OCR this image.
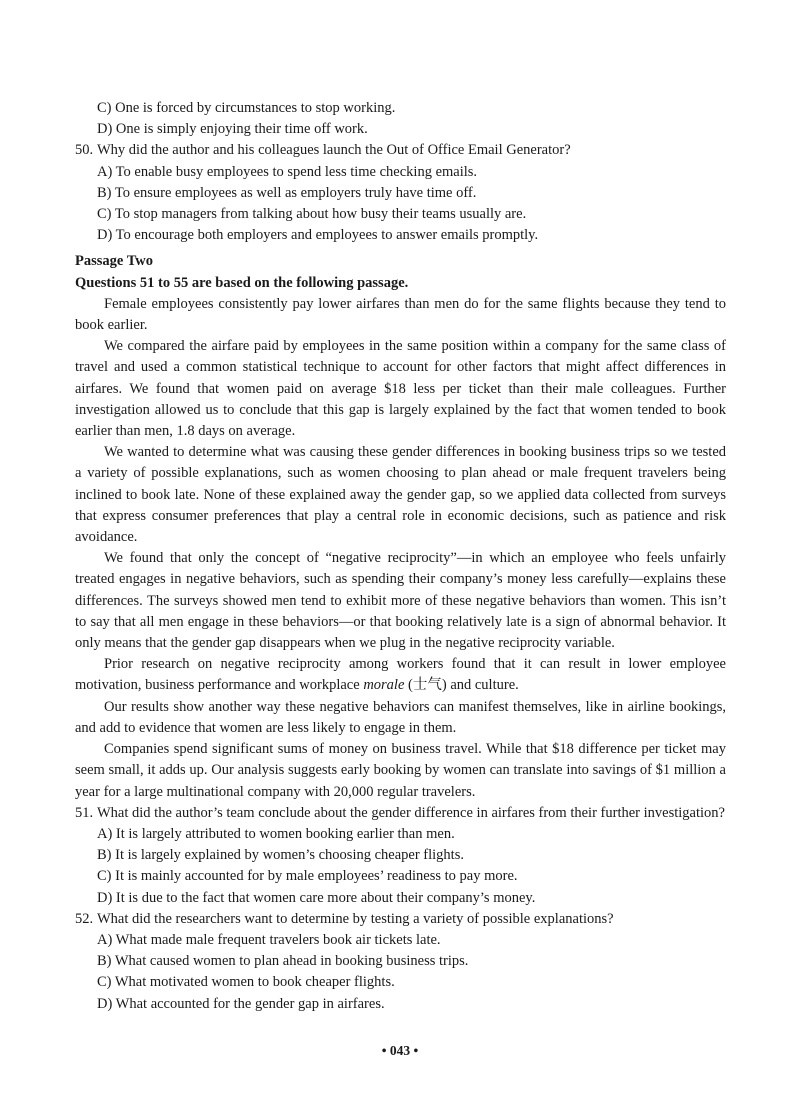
C) One is forced by circumstances to stop working.

D) One is simply enjoying their time off work.

50. Why did the author and his colleagues launch the Out of Office Email Generator?

A) To enable busy employees to spend less time checking emails.

B) To ensure employees as well as employers truly have time off.

C) To stop managers from talking about how busy their teams usually are.

D) To encourage both employers and employees to answer emails promptly.

Passage Two

Questions 51 to 55 are based on the following passage.

Female employees consistently pay lower airfares than men do for the same flights because they tend to book earlier.

We compared the airfare paid by employees in the same position within a company for the same class of travel and used a common statistical technique to account for other factors that might affect differences in airfares. We found that women paid on average $18 less per ticket than their male colleagues. Further investigation allowed us to conclude that this gap is largely explained by the fact that women tended to book earlier than men, 1.8 days on average.

We wanted to determine what was causing these gender differences in booking business trips so we tested a variety of possible explanations, such as women choosing to plan ahead or male frequent travelers being inclined to book late. None of these explained away the gender gap, so we applied data collected from surveys that express consumer preferences that play a central role in economic decisions, such as patience and risk avoidance.

We found that only the concept of “negative reciprocity”—in which an employee who feels unfairly treated engages in negative behaviors, such as spending their company’s money less carefully—explains these differences. The surveys showed men tend to exhibit more of these negative behaviors than women. This isn’t to say that all men engage in these behaviors—or that booking relatively late is a sign of abnormal behavior. It only means that the gender gap disappears when we plug in the negative reciprocity variable.

Prior research on negative reciprocity among workers found that it can result in lower employee motivation, business performance and workplace morale (士气) and culture.

Our results show another way these negative behaviors can manifest themselves, like in airline bookings, and add to evidence that women are less likely to engage in them.

Companies spend significant sums of money on business travel. While that $18 difference per ticket may seem small, it adds up. Our analysis suggests early booking by women can translate into savings of $1 million a year for a large multinational company with 20,000 regular travelers.

51. What did the author’s team conclude about the gender difference in airfares from their further investigation?

A) It is largely attributed to women booking earlier than men.

B) It is largely explained by women’s choosing cheaper flights.

C) It is mainly accounted for by male employees’ readiness to pay more.

D) It is due to the fact that women care more about their company’s money.

52. What did the researchers want to determine by testing a variety of possible explanations?

A) What made male frequent travelers book air tickets late.

B) What caused women to plan ahead in booking business trips.

C) What motivated women to book cheaper flights.

D) What accounted for the gender gap in airfares.

• 043 •
